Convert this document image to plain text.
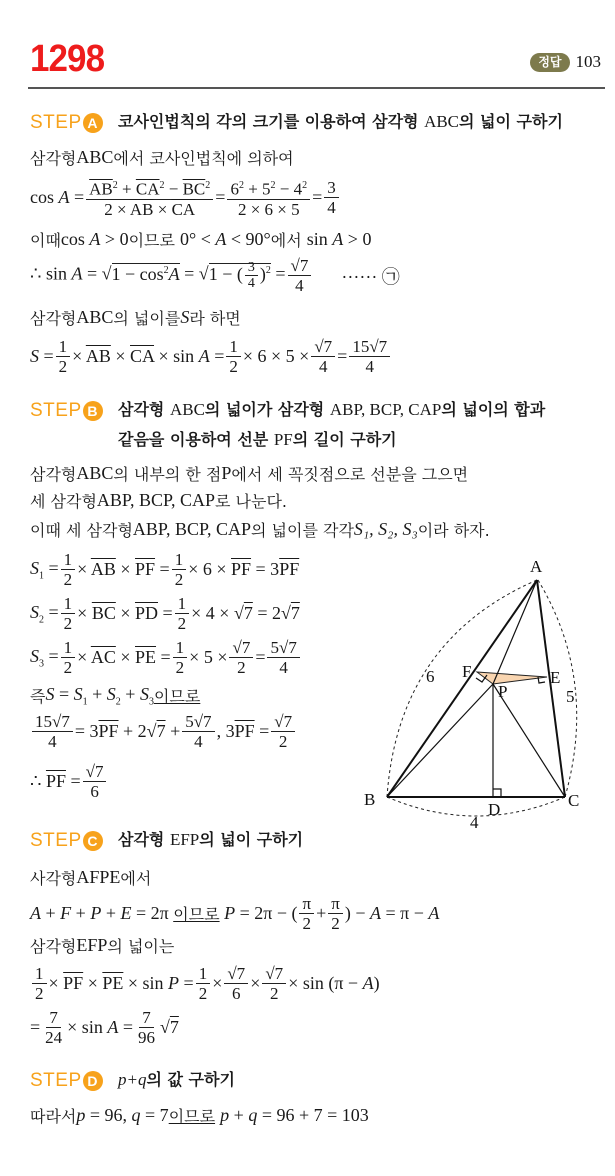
1298	정답 103
STEP A 코사인법칙의 각의 크기를 이용하여 삼각형 ABC의 넓이 구하기
삼각형 ABC 에서 코사인법칙에 의하여
$\cos A = \frac{\overline{AB}^2 + \overline{CA}^2 - \overline{BC}^2}{2 \times \overline{AB} \times \overline{CA}} = \frac{6^2 + 5^2 - 4^2}{2 \times 6 \times 5} = \frac{3}{4}$
이때 cos A > 0 이므로
0° < A < 90° 에서
sin A > 0
∴ $\sin A = √1 - \cos^2A = √1$ − ( $\frac{3}{4} )^2 = \frac{√7}{4}$ ······ ㉠
삼각형 ABC 의 넓이를 S 라 하면
$S = \frac{1}{2} \times \overline{AB} \times \overline{CA} \times \sin A = \frac{1}{2} \times 6 \times 5 \times \frac{√7}{4} = \frac{15√7}{4}$
STEP B 삼각형 ABC의 넓이가 삼각형 ABP, BCP, CAP의 넓이의 합과
같음을 이용하여 선분 PF의 길이 구하기
삼각형 ABC 의 내부의 한 점 P 에서 세 꼭짓점으로 선분을 그으면
세 삼각형 ABP, BCP, CAP 로 나눈다.
이때 세 삼각형 ABP, BCP, CAP 의 넓이를 각각 S₁, S₂, S₃ 이라 하자.
$S_1 = \frac{1}{2} \times \overline{AB} \times \overline{PF} = \frac{1}{2} \times 6 \times \overline{PF} = 3\overline{PF}$
$S_2 = \frac{1}{2} \times \overline{BC} \times \overline{PD} = \frac{1}{2} \times 4 \times √7 = 2√7$
$S_3 = \frac{1}{2} \times \overline{AC} \times \overline{PE} = \frac{1}{2} \times 5 \times \frac{√7}{2} = \frac{5√7}{4}$
즉 $S = S_1 + S_2 + S_3$ 이므로
$\frac{15√7}{4} = 3\overline{PF} + 2√7 + \frac{5√7}{4}$ , $3\overline{PF} = \frac{√7}{2}$
∴ $\overline{PF} = \frac{√7}{6}$
A
B	C
D
E
F
P
6
5
4
STEP C 삼각형 EFP의 넓이 구하기
사각형 AFPE 에서
A + F + P + E = 2π 이므로 P = 2π − ( $\frac{\pi}{2} + \frac{\pi}{2}$ ) − A = π − A
삼각형 EFP 의 넓이는
$\frac{1}{2} \times \overline{PF} \times \overline{PE} \times \sin P = \frac{1}{2} \times \frac{√7}{6} \times \frac{√7}{2} \times \sin (\pi - A)$
= $\frac{7}{24} \times \sin A = \frac{7}{96} √7$
STEP D p+q의 값 구하기
따라서 p = 96, q = 7 이므로
p + q = 96 + 7 = 103
